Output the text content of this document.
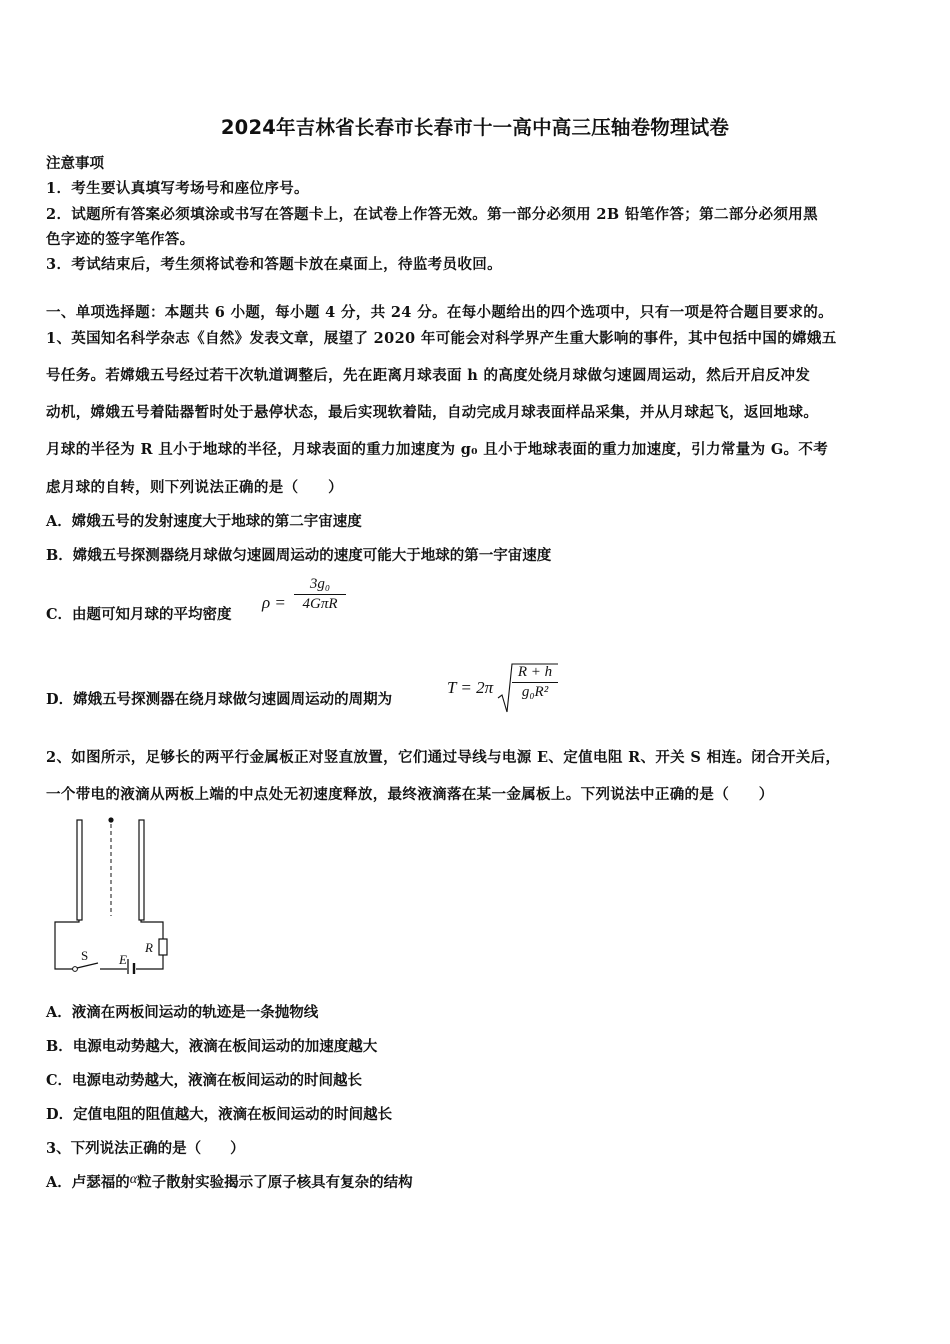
2024年吉林省长春市长春市十一高中高三压轴卷物理试卷
注意事项
1．考生要认真填写考场号和座位序号。
2．试题所有答案必须填涂或书写在答题卡上，在试卷上作答无效。第一部分必须用 2B 铅笔作答；第二部分必须用黑
色字迹的签字笔作答。
3．考试结束后，考生须将试卷和答题卡放在桌面上，待监考员收回。
一、单项选择题：本题共 6 小题，每小题 4 分，共 24 分。在每小题给出的四个选项中，只有一项是符合题目要求的。
1、英国知名科学杂志《自然》发表文章，展望了 2020 年可能会对科学界产生重大影响的事件，其中包括中国的嫦娥五
号任务。若嫦娥五号经过若干次轨道调整后，先在距离月球表面 h 的高度处绕月球做匀速圆周运动，然后开启反冲发
动机，嫦娥五号着陆器暂时处于悬停状态，最后实现软着陆，自动完成月球表面样品采集，并从月球起飞，返回地球。
月球的半径为 R 且小于地球的半径，月球表面的重力加速度为 g₀ 且小于地球表面的重力加速度，引力常量为 G。不考
虑月球的自转，则下列说法正确的是（　　）
A．嫦娥五号的发射速度大于地球的第二宇宙速度
B．嫦娥五号探测器绕月球做匀速圆周运动的速度可能大于地球的第一宇宙速度
C．由题可知月球的平均密度
ρ =
3g₀
4GπR
D．嫦娥五号探测器在绕月球做匀速圆周运动的周期为
$T = 2\pi \frac{R + h}{\text{g₀R²}}$
2、如图所示，足够长的两平行金属板正对竖直放置，它们通过导线与电源 E、定值电阻 R、开关 S 相连。闭合开关后，
一个带电的液滴从两板上端的中点处无初速度释放，最终液滴落在某一金属板上。下列说法中正确的是（　　）
S E
R
A．液滴在两板间运动的轨迹是一条抛物线
B．电源电动势越大，液滴在板间运动的加速度越大
C．电源电动势越大，液滴在板间运动的时间越长
D．定值电阻的阻值越大，液滴在板间运动的时间越长
3、下列说法正确的是（　　）
A．卢瑟福的α粒子散射实验揭示了原子核具有复杂的结构
